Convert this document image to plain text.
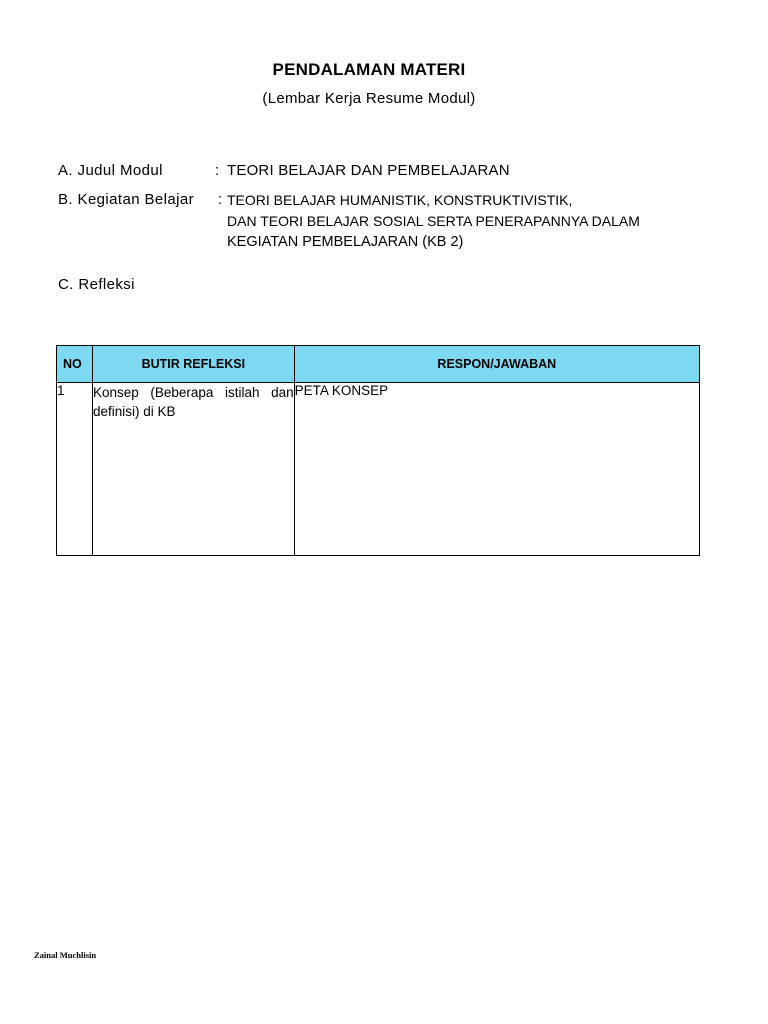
PENDALAMAN MATERI
(Lembar Kerja Resume Modul)
A. Judul Modul	: TEORI BELAJAR DAN PEMBELAJARAN
B. Kegiatan Belajar : TEORI BELAJAR HUMANISTIK, KONSTRUKTIVISTIK,
DAN TEORI BELAJAR SOSIAL SERTA PENERAPANNYA DALAM
KEGIATAN PEMBELAJARAN (KB 2)
C. Refleksi
NO	BUTIR REFLEKSI	RESPON/JAWABAN
1	Konsep (Beberapa istilah dan definisi) di KB	PETA KONSEP
Zainal Muchlisin
